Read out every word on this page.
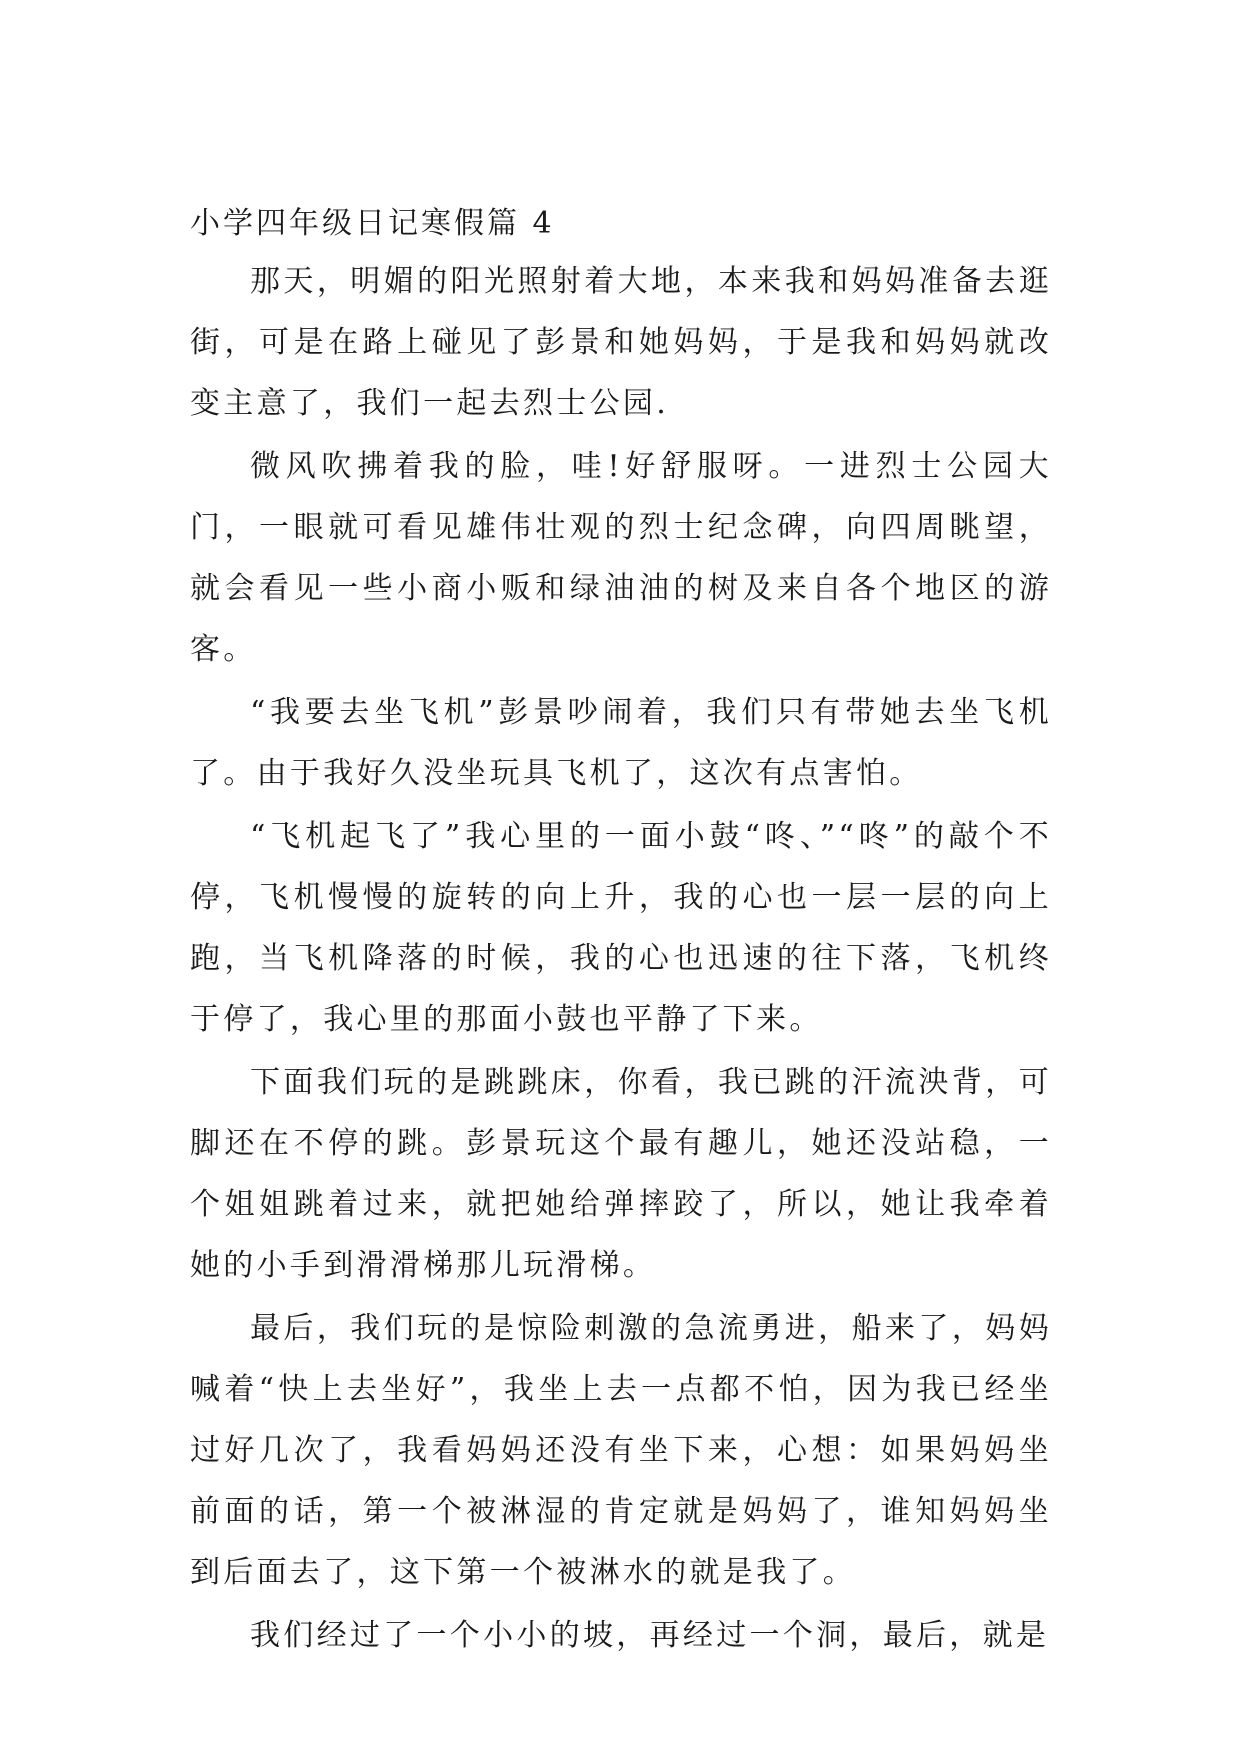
小学四年级日记寒假篇 4

那天，明媚的阳光照射着大地，本来我和妈妈准备去逛街，可是在路上碰见了彭景和她妈妈，于是我和妈妈就改变主意了，我们一起去烈士公园.

微风吹拂着我的脸，哇!好舒服呀。一进烈士公园大门，一眼就可看见雄伟壮观的烈士纪念碑，向四周眺望，就会看见一些小商小贩和绿油油的树及来自各个地区的游客。

“我要去坐飞机”彭景吵闹着，我们只有带她去坐飞机了。由于我好久没坐玩具飞机了，这次有点害怕。

“飞机起飞了”我心里的一面小鼓“咚、”“咚”的敲个不停，飞机慢慢的旋转的向上升，我的心也一层一层的向上跑，当飞机降落的时候，我的心也迅速的往下落，飞机终于停了，我心里的那面小鼓也平静了下来。

下面我们玩的是跳跳床，你看，我已跳的汗流泱背，可脚还在不停的跳。彭景玩这个最有趣儿，她还没站稳，一个姐姐跳着过来，就把她给弹摔跤了，所以，她让我牵着她的小手到滑滑梯那儿玩滑梯。

最后，我们玩的是惊险刺激的急流勇进，船来了，妈妈喊着“快上去坐好”，我坐上去一点都不怕，因为我已经坐过好几次了，我看妈妈还没有坐下来，心想：如果妈妈坐前面的话，第一个被淋湿的肯定就是妈妈了，谁知妈妈坐到后面去了，这下第一个被淋水的就是我了。

我们经过了一个小小的坡，再经过一个洞，最后，就是
